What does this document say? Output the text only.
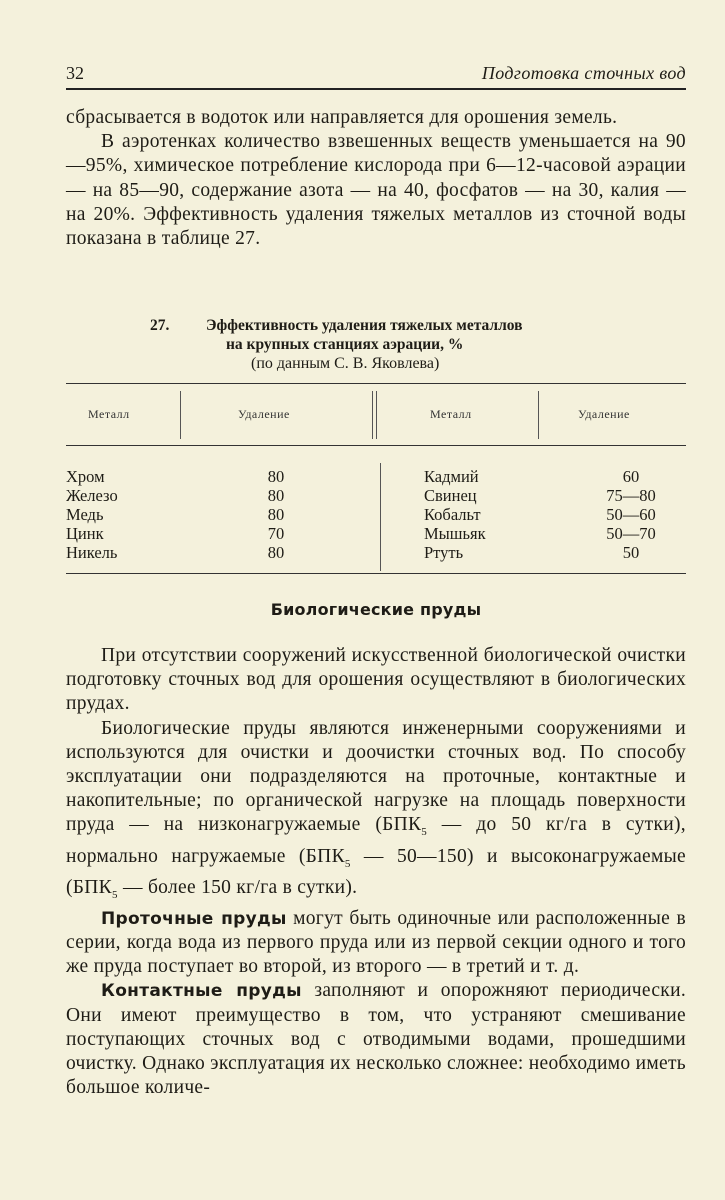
32	Подготовка сточных вод
сбрасывается в водоток или направляется для орошения земель.
В аэротенках количество взвешенных веществ уменьшается на 90—95%, химическое потребление кислорода при 6—12-часовой аэрации — на 85—90, содержание азота — на 40, фосфатов — на 30, калия — на 20%. Эффективность удаления тяжелых металлов из сточной воды показана в таблице 27.
27.	Эффективность удаления тяжелых металлов
на крупных станциях аэрации, %
(по данным С. В. Яковлева)
Металл	Удаление	Металл	Удаление
Хром	80	Кадмий	60
Железо	80	Свинец	75—80
Медь	80	Кобальт	50—60
Цинк	70	Мышьяк	50—70
Никель	80	Ртуть	50
Биологические пруды
При отсутствии сооружений искусственной биологической очистки подготовку сточных вод для орошения осуществляют в биологических прудах.
Биологические пруды являются инженерными сооружениями и используются для очистки и доочистки сточных вод. По способу эксплуатации они подразделяются на проточные, контактные и накопительные; по органической нагрузке на площадь поверхности пруда — на низконагружаемые ($БПК_5$ — до 50 кг/га в сутки), нормально нагружаемые ($БПК_5$ — 50—150) и высоконагружаемые ($БПК_5$ — более 150 кг/га в сутки).
Проточные пруды могут быть одиночные или расположенные в серии, когда вода из первого пруда или из первой секции одного и того же пруда поступает во второй, из второго — в третий и т. д.
Контактные пруды заполняют и опорожняют периодически. Они имеют преимущество в том, что устраняют смешивание поступающих сточных вод с отводимыми водами, прошедшими очистку. Однако эксплуатация их несколько сложнее: необходимо иметь большое количе-
